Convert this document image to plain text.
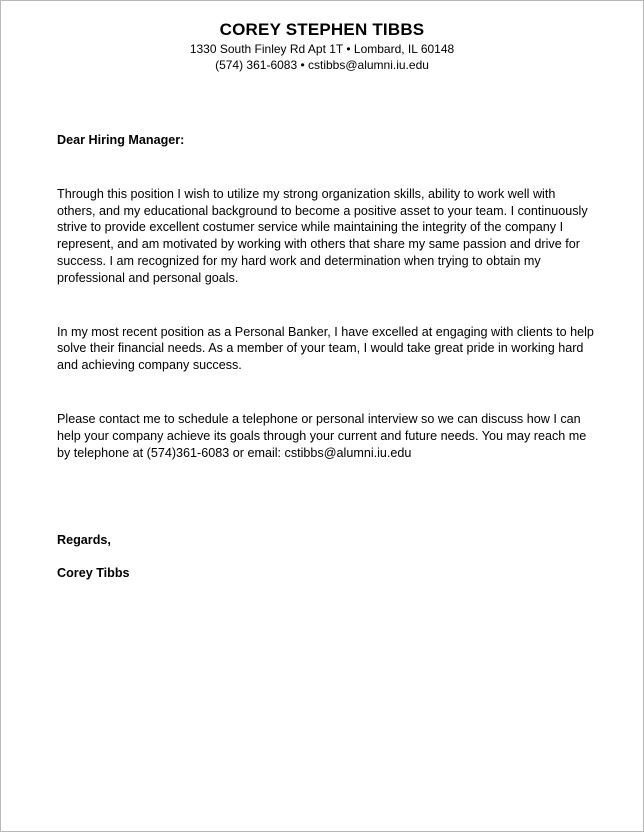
COREY STEPHEN TIBBS
1330 South Finley Rd Apt 1T • Lombard, IL 60148
(574) 361-6083 • cstibbs@alumni.iu.edu

Dear Hiring Manager:

Through this position I wish to utilize my strong organization skills, ability to work well with others, and my educational background to become a positive asset to your team. I continuously strive to provide excellent costumer service while maintaining the integrity of the company I represent, and am motivated by working with others that share my same passion and drive for success. I am recognized for my hard work and determination when trying to obtain my professional and personal goals.

In my most recent position as a Personal Banker, I have excelled at engaging with clients to help solve their financial needs. As a member of your team, I would take great pride in working hard and achieving company success.

Please contact me to schedule a telephone or personal interview so we can discuss how I can help your company achieve its goals through your current and future needs. You may reach me by telephone at (574)361-6083 or email: cstibbs@alumni.iu.edu

Regards,

Corey Tibbs
